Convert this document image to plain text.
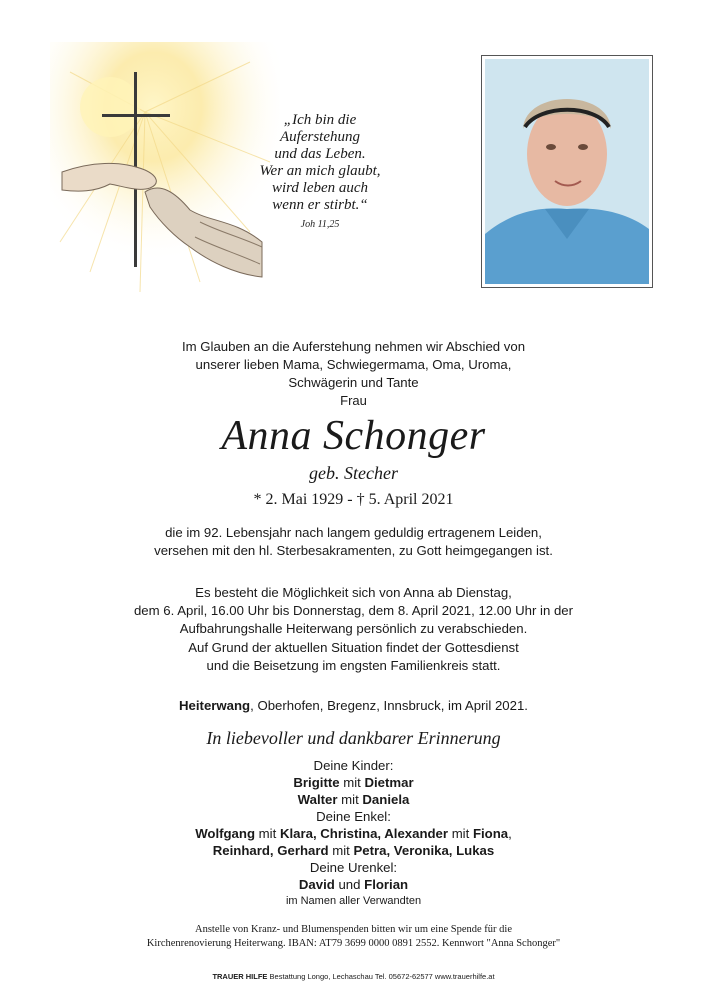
„Ich bin die Auferstehung
und das Leben.
Wer an mich glaubt,
wird leben auch
wenn er stirbt.“
Joh 11,25
Im Glauben an die Auferstehung nehmen wir Abschied von
unserer lieben Mama, Schwiegermama, Oma, Uroma,
Schwägerin und Tante
Frau
Anna Schonger
geb. Stecher
* 2. Mai 1929 - † 5. April 2021
die im 92. Lebensjahr nach langem geduldig ertragenem Leiden,
versehen mit den hl. Sterbesakramenten, zu Gott heimgegangen ist.
Es besteht die Möglichkeit sich von Anna ab Dienstag,
dem 6. April, 16.00 Uhr bis Donnerstag, dem 8. April 2021, 12.00 Uhr in der
Aufbahrungshalle Heiterwang persönlich zu verabschieden.
Auf Grund der aktuellen Situation findet der Gottesdienst
und die Beisetzung im engsten Familienkreis statt.
Heiterwang, Oberhofen, Bregenz, Innsbruck, im April 2021.
In liebevoller und dankbarer Erinnerung
Deine Kinder:
Brigitte mit Dietmar
Walter mit Daniela
Deine Enkel:
Wolfgang mit Klara, Christina, Alexander mit Fiona,
Reinhard, Gerhard mit Petra, Veronika, Lukas
Deine Urenkel:
David und Florian
im Namen aller Verwandten
Anstelle von Kranz- und Blumenspenden bitten wir um eine Spende für die
Kirchenrenovierung Heiterwang. IBAN: AT79 3699 0000 0891 2552. Kennwort "Anna Schonger"
TRAUER HILFE Bestattung Longo, Lechaschau Tel. 05672-62577 www.trauerhilfe.at
